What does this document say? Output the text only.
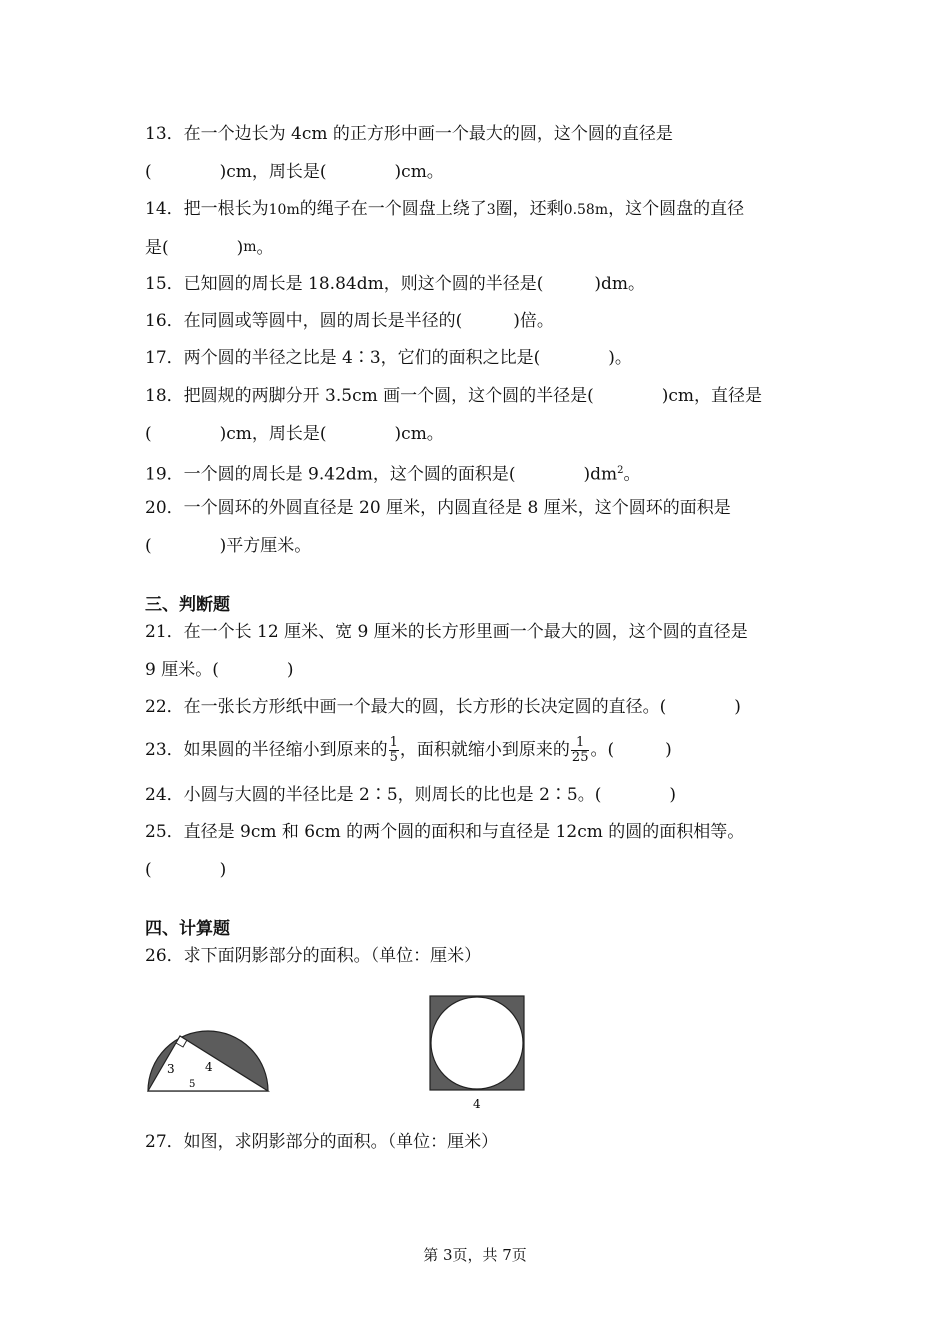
13．在一个边长为 4cm 的正方形中画一个最大的圆，这个圆的直径是
(　　　　)cm，周长是(　　　　)cm。
14．把一根长为10m的绳子在一个圆盘上绕了3圈，还剩0.58m，这个圆盘的直径
是(　　　　)m。
15．已知圆的周长是 18.84dm，则这个圆的半径是(　　　)dm。
16．在同圆或等圆中，圆的周长是半径的(　　　)倍。
17．两个圆的半径之比是 4∶3，它们的面积之比是(　　　　)。
18．把圆规的两脚分开 3.5cm 画一个圆，这个圆的半径是(　　　　)cm，直径是
(　　　　)cm，周长是(　　　　)cm。
19．一个圆的周长是 9.42dm，这个圆的面积是(　　　　)$dm^2$。
20．一个圆环的外圆直径是 20 厘米，内圆直径是 8 厘米，这个圆环的面积是
(　　　　)平方厘米。
三、判断题
21．在一个长 12 厘米、宽 9 厘米的长方形里画一个最大的圆，这个圆的直径是
9 厘米。(　　　　)
22．在一张长方形纸中画一个最大的圆，长方形的长决定圆的直径。(　　　　)
23．如果圆的半径缩小到原来的 $\frac{1}{5}$ ，面积就缩小到原来的 $\frac{1}{25}$ 。(　　　)
24．小圆与大圆的半径比是 2∶5，则周长的比也是 2∶5。(　　　　)
25．直径是 9cm 和 6cm 的两个圆的面积和与直径是 12cm 的圆的面积相等。
(　　　　)
四、计算题
26．求下面阴影部分的面积。（单位：厘米）
3	4
5
4
27．如图，求阴影部分的面积。（单位：厘米）
第 3页，共 7页
